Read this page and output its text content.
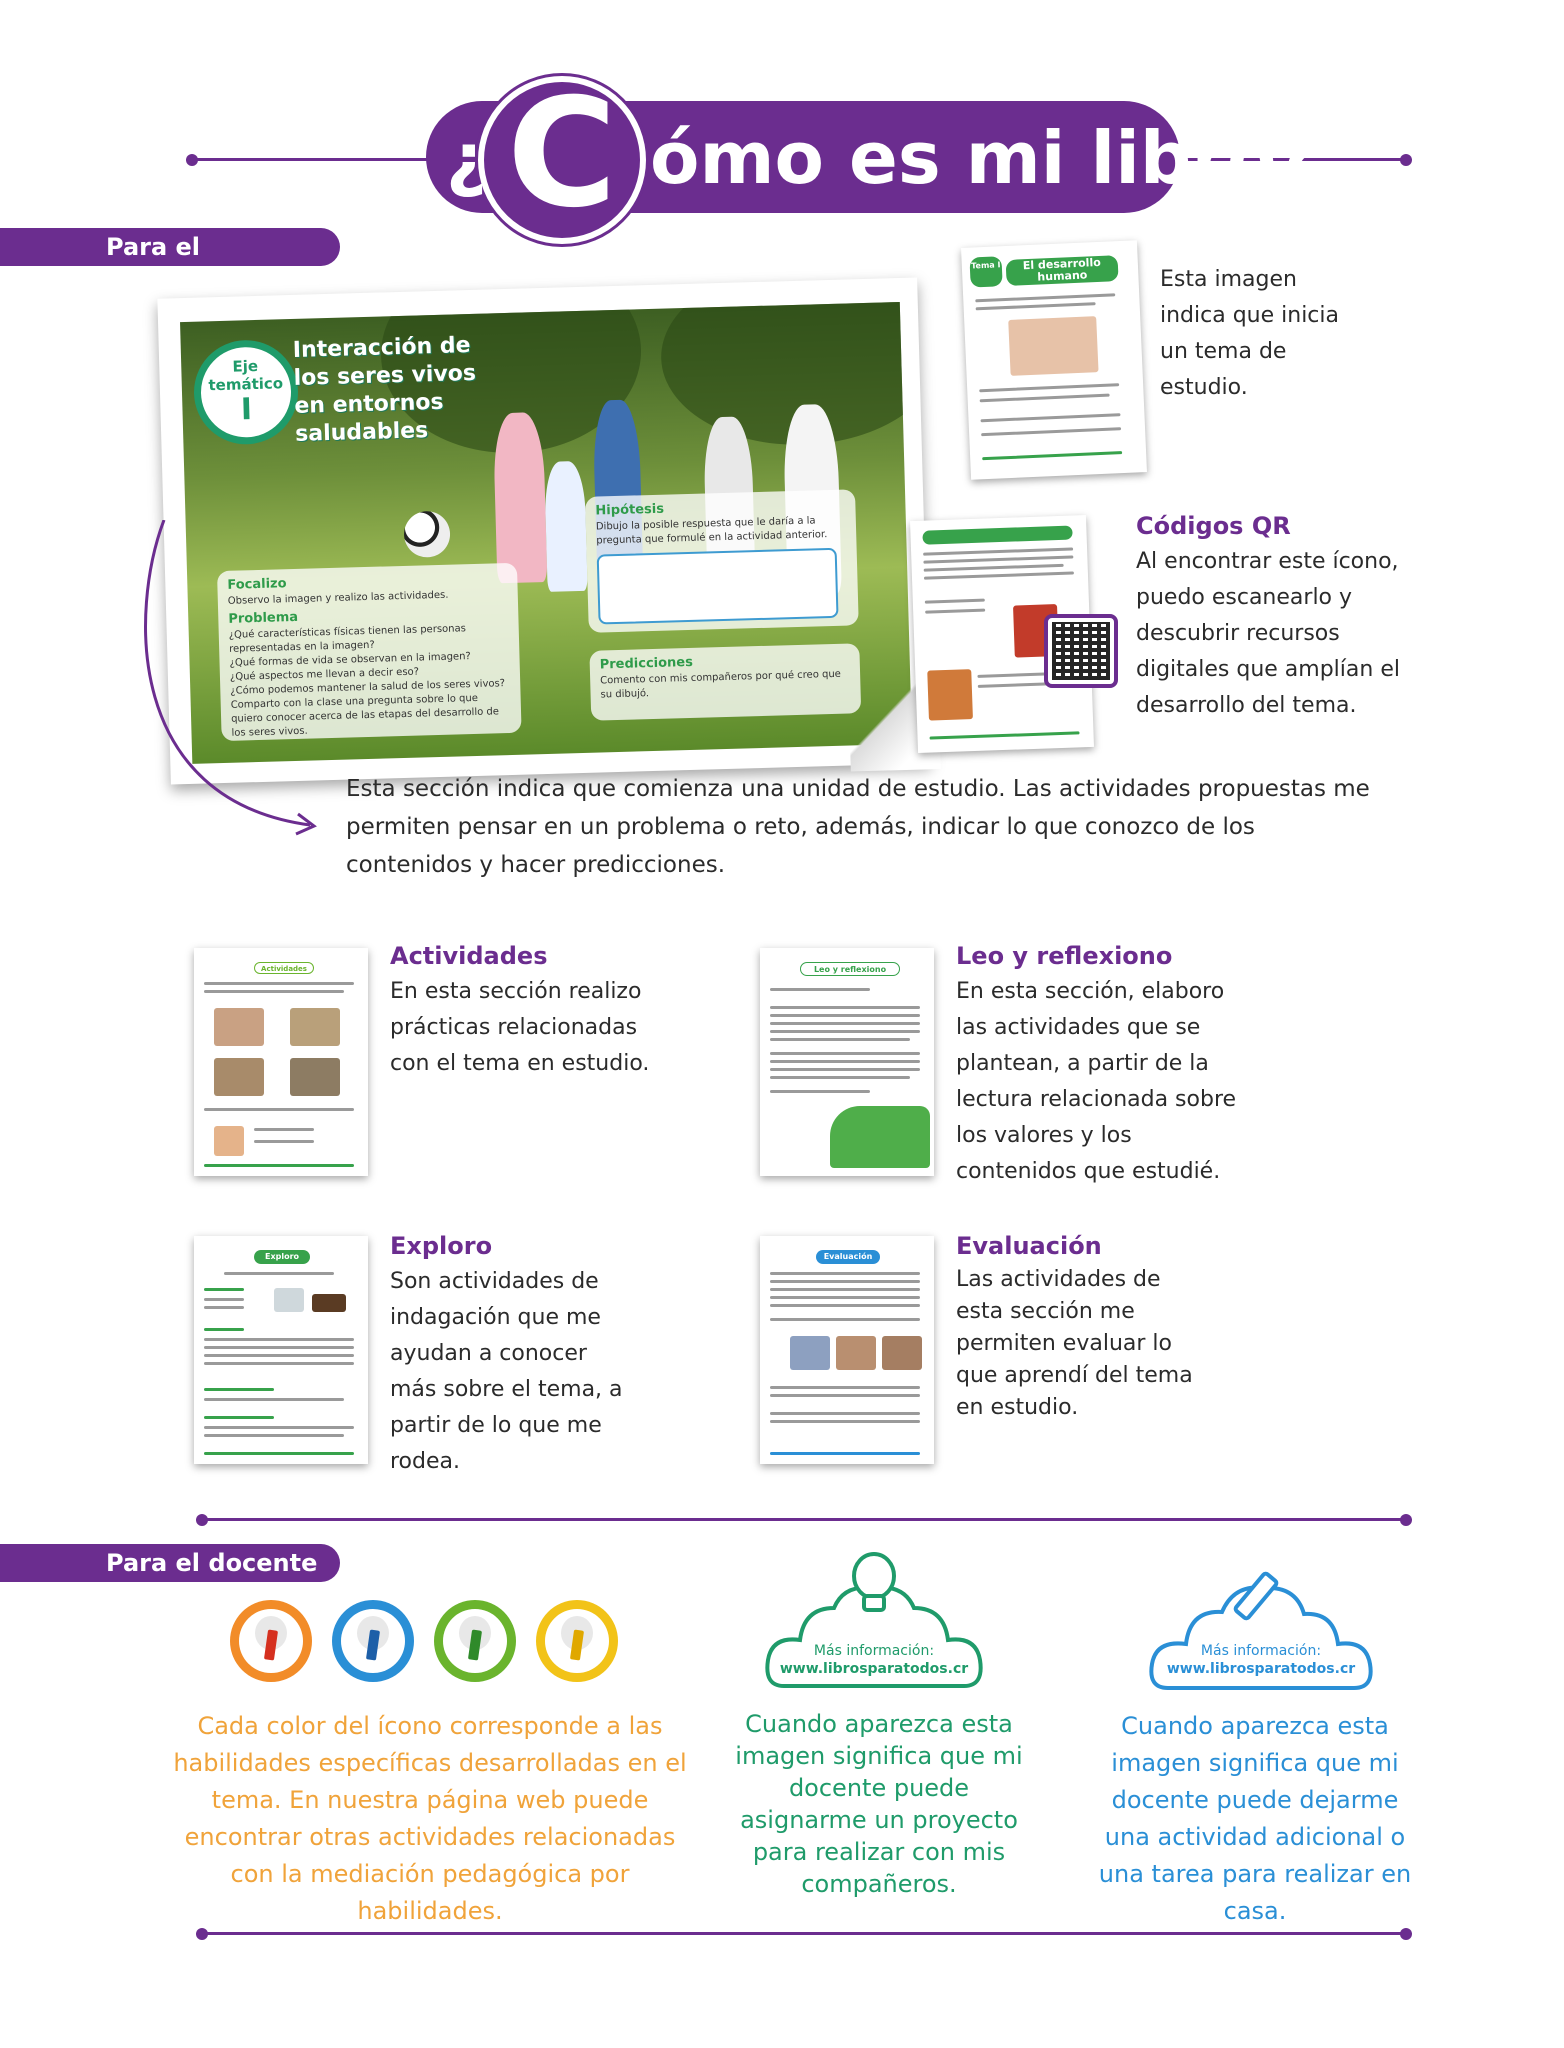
¿ C ómo es mi libro?
Para el estudiante
Eje temático
I
Interacción de los seres vivos en entornos saludables
Focalizo
Observo la imagen y realizo las actividades.
Problema
¿Qué características físicas tienen las personas representadas en la imagen?
¿Qué formas de vida se observan en la imagen?
¿Qué aspectos me llevan a decir eso?
¿Cómo podemos mantener la salud de los seres vivos?
Comparto con la clase una pregunta sobre lo que quiero conocer acerca de las etapas del desarrollo de los seres vivos.
Hipótesis
Dibujo la posible respuesta que le daría a la pregunta que formulé en la actividad anterior.
Predicciones
Comento con mis compañeros por qué creo que su dibujó.
Tema I	El desarrollo humano	Esta imagen indica que inicia un tema de estudio.
Códigos QR
Al encontrar este ícono, puedo escanearlo y descubrir recursos digitales que amplían el desarrollo del tema.
Esta sección indica que comienza una unidad de estudio. Las actividades propuestas me permiten pensar en un problema o reto, además, indicar lo que conozco de los contenidos y hacer predicciones.
Actividades	Actividades
En esta sección realizo prácticas relacionadas con el tema en estudio.
Leo y reflexiono	Leo y reflexiono
En esta sección, elaboro las actividades que se plantean, a partir de la lectura relacionada sobre los valores y los contenidos que estudié.
Exploro	Exploro
Son actividades de indagación que me ayudan a conocer más sobre el tema, a partir de lo que me rodea.
Evaluación	Evaluación
Las actividades de esta sección me permiten evaluar lo que aprendí del tema en estudio.
Para el docente
Cada color del ícono corresponde a las habilidades específicas desarrolladas en el tema. En nuestra página web puede encontrar otras actividades relacionadas con la mediación pedagógica por habilidades.
Más información:
www.librosparatodos.cr
Cuando aparezca esta imagen significa que mi docente puede asignarme un proyecto para realizar con mis compañeros.
Más información:
www.librosparatodos.cr
Cuando aparezca esta imagen significa que mi docente puede dejarme una actividad adicional o una tarea para realizar en casa.
